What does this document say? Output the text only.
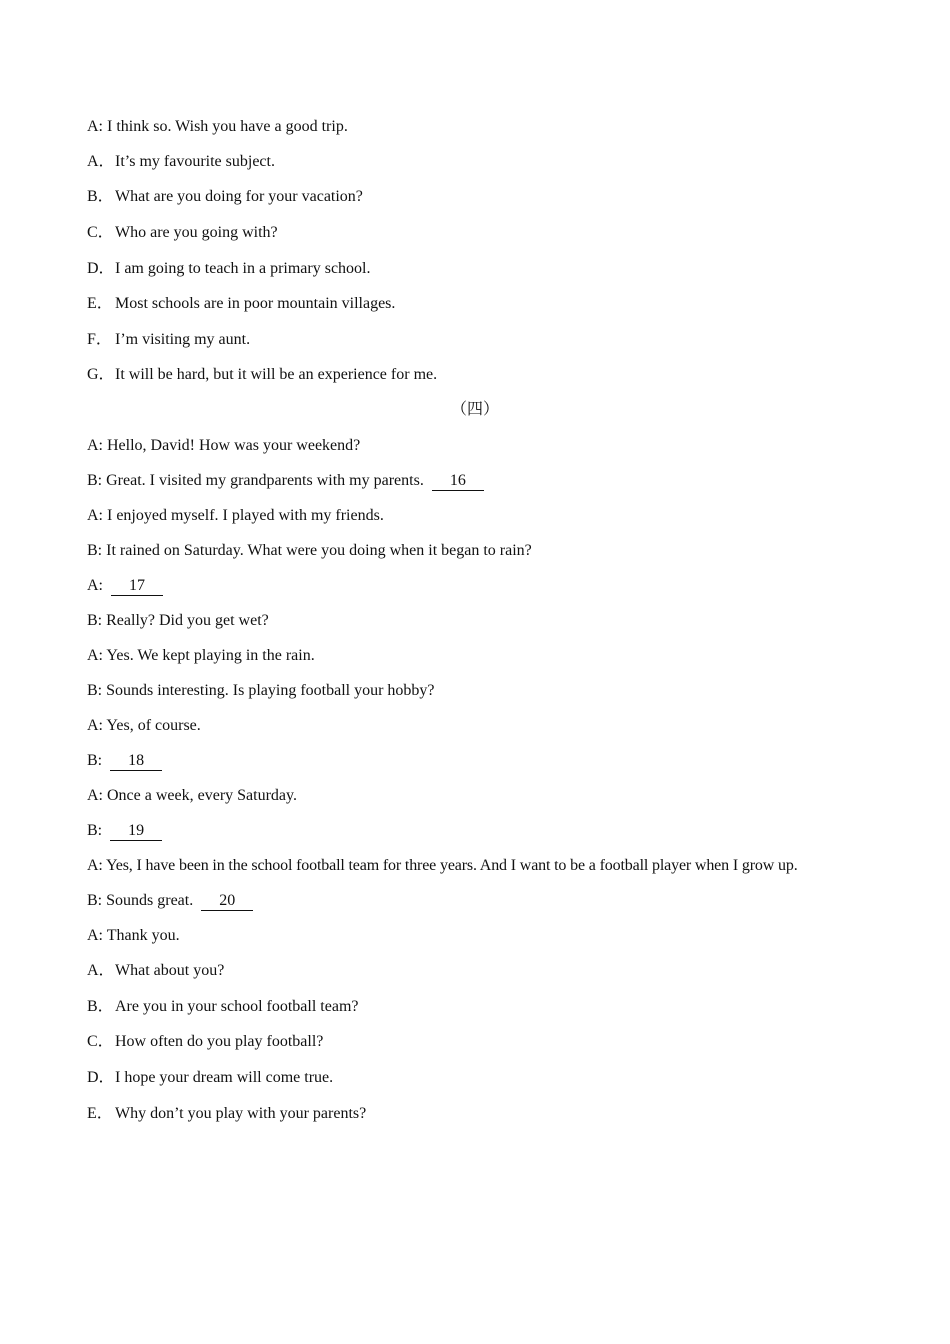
A: I think so. Wish you have a good trip.
A．It’s my favourite subject.
B．What are you doing for your vacation?
C．Who are you going with?
D．I am going to teach in a primary school.
E． Most schools are in poor mountain villages.
F． I’m visiting my aunt.
G．It will be hard, but it will be an experience for me.
（四）
A: Hello, David! How was your weekend?
B: Great. I visited my grandparents with my parents. 16
A: I enjoyed myself. I played with my friends.
B: It rained on Saturday. What were you doing when it began to rain?
A: 17
B: Really? Did you get wet?
A: Yes. We kept playing in the rain.
B: Sounds interesting. Is playing football your hobby?
A: Yes, of course.
B: 18
A: Once a week, every Saturday.
B: 19
A: Yes, I have been in the school football team for three years. And I want to be a football player when I grow up.
B: Sounds great. 20
A: Thank you.
A．What about you?
B．Are you in your school football team?
C．How often do you play football?
D．I hope your dream will come true.
E． Why don’t you play with your parents?
